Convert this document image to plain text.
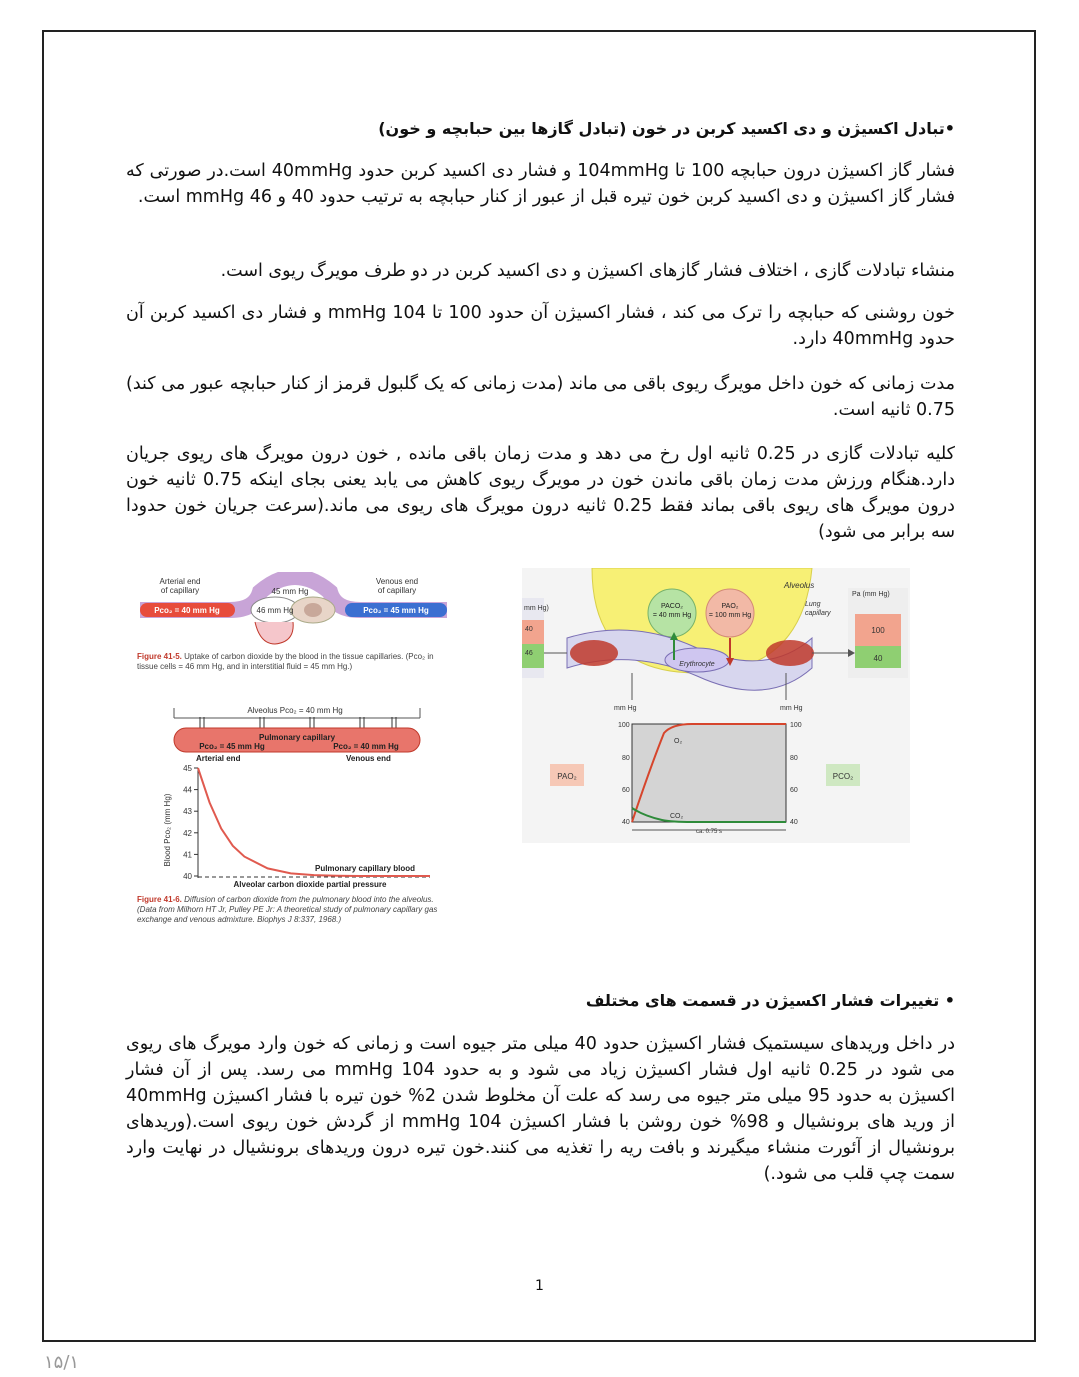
•تبادل اکسیژن و دی اکسید کربن در خون (تبادل گازها بین حبابچه و خون)
فشار گاز اکسیژن درون حبابچه 100 تا 104mmHg و فشار دی اکسید کربن حدود 40mmHg است.در صورتی که فشار گاز اکسیژن و دی اکسید کربن خون تیره قبل از عبور از کنار حبابچه به ترتیب حدود 40 و 46 mmHg است.
منشاء تبادلات گازی ، اختلاف فشار گازهای اکسیژن و دی اکسید کربن در دو طرف مویرگ ریوی است.
خون روشنی که حبابچه را ترک می کند ، فشار اکسیژن آن حدود 100 تا 104 mmHg و فشار دی اکسید کربن آن حدود 40mmHg دارد.
مدت زمانی که خون داخل مویرگ ریوی باقی می ماند (مدت زمانی که یک گلبول قرمز از کنار حبابچه عبور می کند) 0.75 ثانیه است.
کلیه تبادلات گازی در 0.25 ثانیه اول رخ می دهد و مدت زمان باقی مانده , خون درون مویرگ های ریوی جریان دارد.هنگام ورزش مدت زمان باقی ماندن خون در مویرگ ریوی کاهش می یابد یعنی بجای اینکه 0.75 ثانیه خون درون مویرگ های ریوی باقی بماند فقط 0.25 ثانیه درون مویرگ های ریوی می ماند.(سرعت جریان خون حدودا سه برابر می شود)
Arterial end
of capillary
Venous end
of capillary
45 mm Hg
46 mm Hg
Pco₂ = 40 mm Hg	Pco₂ = 45 mm Hg
Figure 41-5. Uptake of carbon dioxide by the blood in the tissue capillaries. (Pco₂ in tissue cells = 46 mm Hg, and in interstitial fluid = 45 mm Hg.)
Alveolus Pco₂ = 40 mm Hg
Pulmonary capillary
Pco₂ = 45 mm Hg	Pco₂ = 40 mm Hg
Arterial end	Venous end
Blood Pco₂ (mm Hg)
40
41
42
43
44
45
Pulmonary capillary blood
Alveolar carbon dioxide partial pressure
Figure 41-6. Diffusion of carbon dioxide from the pulmonary blood into the alveolus. (Data from Milhorn HT Jr, Pulley PE Jr: A theoretical study of pulmonary capillary gas exchange and venous admixture. Biophys J 8:337, 1968.)
Alveolus
PACO₂
= 40 mm Hg
PAO₂
= 100 mm Hg
Lung
capillary
Erythrocyte
mm Hg)
40
46
Pa (mm Hg)
100
40
mm Hg	mm Hg
100
80
60
40
100
80
60
40
O₂
CO₂
ca. 0.75 s
PAO₂	PCO₂
• تغییرات فشار اکسیژن در قسمت های مختلف
در داخل وریدهای سیستمیک فشار اکسیژن حدود 40 میلی متر جیوه است و زمانی که خون وارد مویرگ های ریوی می شود در 0.25 ثانیه اول فشار اکسیژن زیاد می شود و به حدود 104 mmHg می رسد. پس از آن فشار اکسیژن به حدود 95 میلی متر جیوه می رسد که علت آن مخلوط شدن 2% خون تیره با فشار اکسیژن 40mmHg از ورید های برونشیال و 98% خون روشن با فشار اکسیژن 104 mmHg از گردش خون ریوی است.(وریدهای برونشیال از آئورت منشاء میگیرند و بافت ریه را تغذیه می کنند.خون تیره درون وریدهای برونشیال در نهایت وارد سمت چپ قلب می شود.)
1
۱۵/۱
